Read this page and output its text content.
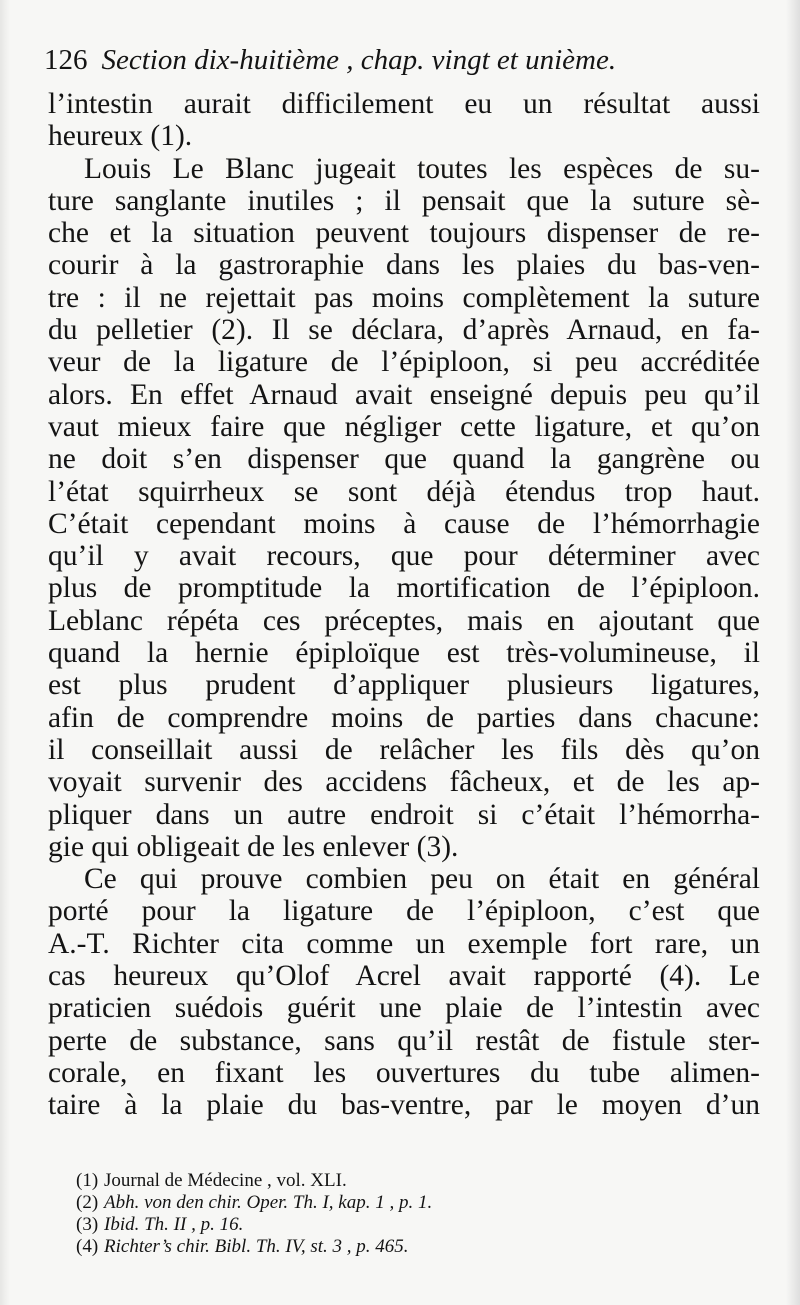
126 Section dix-huitième , chap. vingt et unième.
l’intestin aurait difficilement eu un résultat aussi
heureux (1).
Louis Le Blanc jugeait toutes les espèces de su-
ture sanglante inutiles ; il pensait que la suture sè-
che et la situation peuvent toujours dispenser de re-
courir à la gastroraphie dans les plaies du bas-ven-
tre : il ne rejettait pas moins complètement la suture
du pelletier (2). Il se déclara, d’après Arnaud, en fa-
veur de la ligature de l’épiploon, si peu accréditée
alors. En effet Arnaud avait enseigné depuis peu qu’il
vaut mieux faire que négliger cette ligature, et qu’on
ne doit s’en dispenser que quand la gangrène ou
l’état squirrheux se sont déjà étendus trop haut.
C’était cependant moins à cause de l’hémorrhagie
qu’il y avait recours, que pour déterminer avec
plus de promptitude la mortification de l’épiploon.
Leblanc répéta ces préceptes, mais en ajoutant que
quand la hernie épiploïque est très-volumineuse, il
est plus prudent d’appliquer plusieurs ligatures,
afin de comprendre moins de parties dans chacune:
il conseillait aussi de relâcher les fils dès qu’on
voyait survenir des accidens fâcheux, et de les ap-
pliquer dans un autre endroit si c’était l’hémorrha-
gie qui obligeait de les enlever (3).
Ce qui prouve combien peu on était en général
porté pour la ligature de l’épiploon, c’est que
A.-T. Richter cita comme un exemple fort rare, un
cas heureux qu’Olof Acrel avait rapporté (4). Le
praticien suédois guérit une plaie de l’intestin avec
perte de substance, sans qu’il restât de fistule ster-
corale, en fixant les ouvertures du tube alimen-
taire à la plaie du bas-ventre, par le moyen d’un
(1) Journal de Médecine , vol. XLI.
(2) Abh. von den chir. Oper. Th. I, kap. 1 , p. 1.
(3) Ibid. Th. II , p. 16.
(4) Richter’s chir. Bibl. Th. IV, st. 3 , p. 465.
